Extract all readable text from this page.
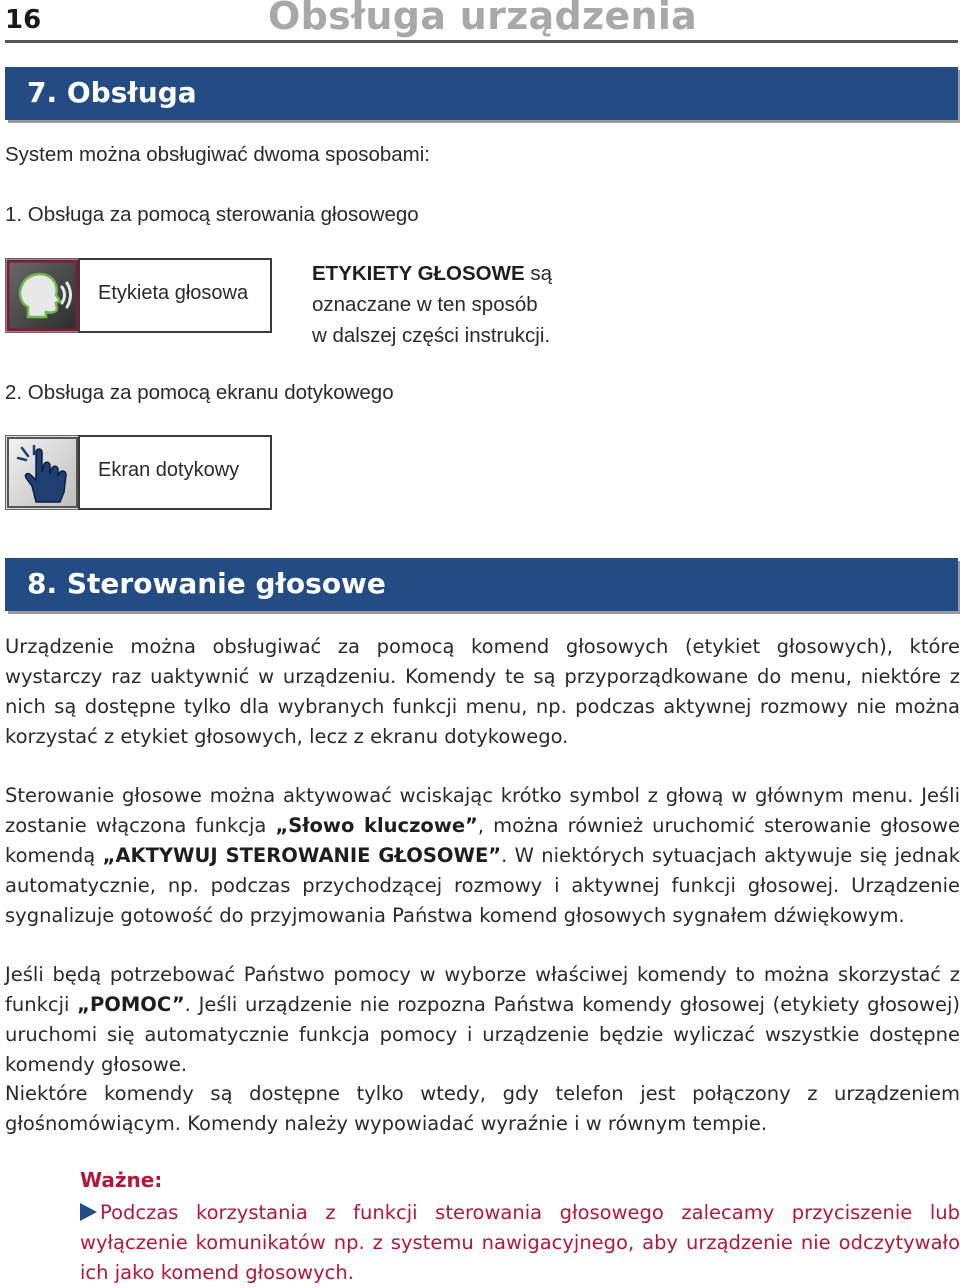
16	Obsługa urządzenia
7. Obsługa
System można obsługiwać dwoma sposobami:
1. Obsługa za pomocą sterowania głosowego
Etykieta głosowa
ETYKIETY GŁOSOWE są
oznaczane w ten sposób
w dalszej części instrukcji.
2. Obsługa za pomocą ekranu dotykowego
Ekran dotykowy
8. Sterowanie głosowe
Urządzenie można obsługiwać za pomocą komend głosowych (etykiet głosowych), które wystarczy raz uaktywnić w urządzeniu. Komendy te są przyporządkowane do menu, niektóre z nich są dostępne tylko dla wybranych funkcji menu, np. podczas aktywnej rozmowy nie można korzystać z etykiet głosowych, lecz z ekranu dotykowego.
Sterowanie głosowe można aktywować wciskając krótko symbol z głową w głównym menu. Jeśli zostanie włączona funkcja „Słowo kluczowe”, można również uruchomić sterowanie głosowe komendą „AKTYWUJ STEROWANIE GŁOSOWE”. W niektórych sytuacjach aktywuje się jednak automatycznie, np. podczas przychodzącej rozmowy i aktywnej funkcji głosowej. Urządzenie sygnalizuje gotowość do przyjmowania Państwa komend głosowych sygnałem dźwiękowym.
Jeśli będą potrzebować Państwo pomocy w wyborze właściwej komendy to można skorzystać z funkcji „POMOC”. Jeśli urządzenie nie rozpozna Państwa komendy głosowej (etykiety głosowej) uruchomi się automatycznie funkcja pomocy i urządzenie będzie wyliczać wszystkie dostępne komendy głosowe.
Niektóre komendy są dostępne tylko wtedy, gdy telefon jest połączony z urządzeniem głośnomówiącym. Komendy należy wypowiadać wyraźnie i w równym tempie.
Ważne:
Podczas korzystania z funkcji sterowania głosowego zalecamy przyciszenie lub wyłączenie komunikatów np. z systemu nawigacyjnego, aby urządzenie nie odczytywało ich jako komend głosowych.
